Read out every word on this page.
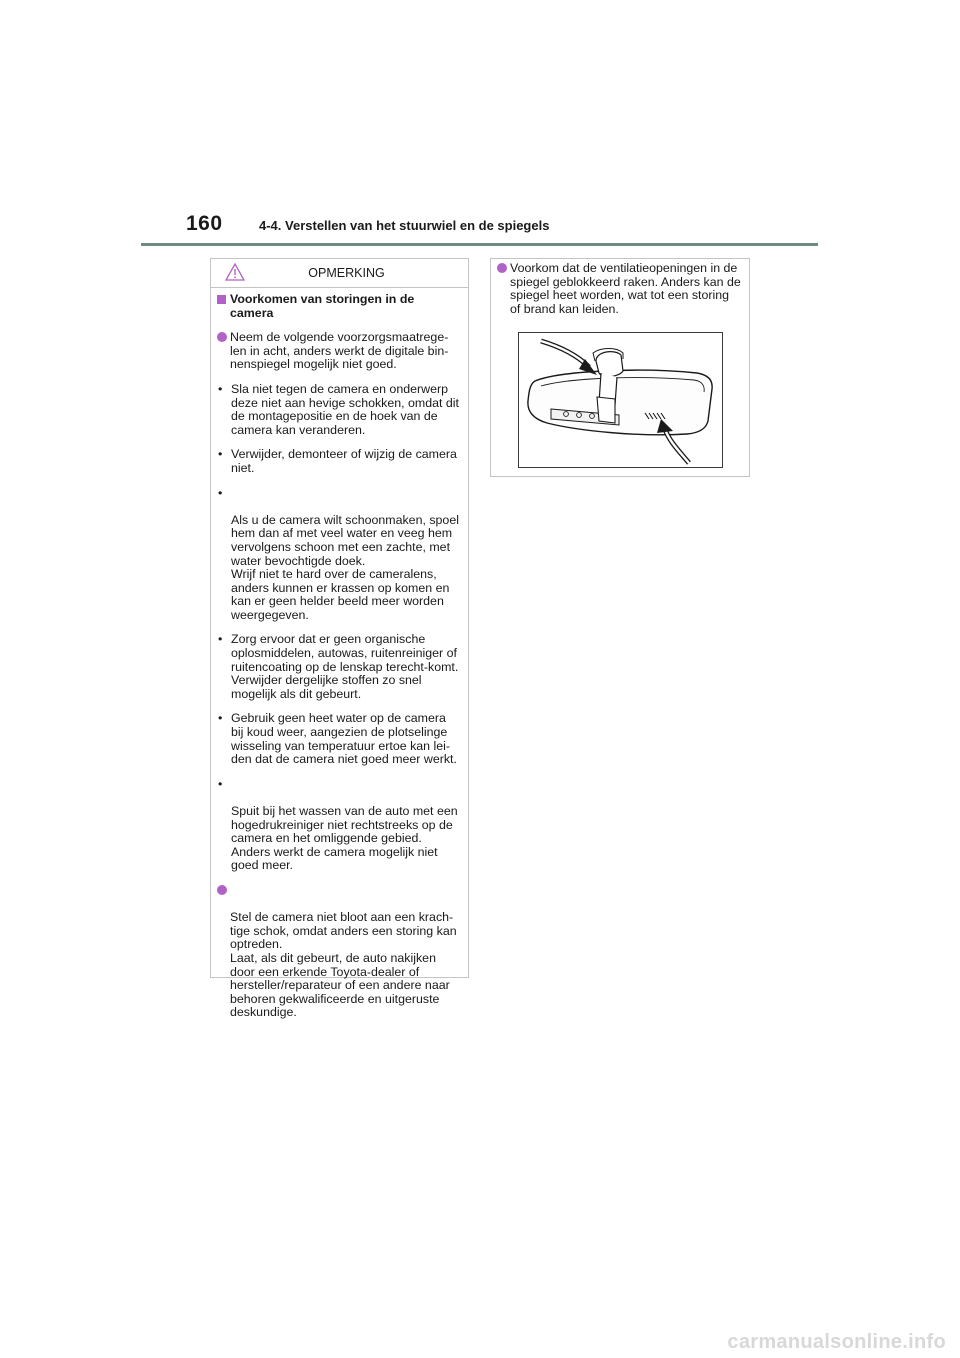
160	4-4. Verstellen van het stuurwiel en de spiegels
OPMERKING
Voorkomen van storingen in de camera
Neem de volgende voorzorgsmaatrege-len in acht, anders werkt de digitale bin-nenspiegel mogelijk niet goed.
• Sla niet tegen de camera en onderwerp deze niet aan hevige schokken, omdat dit de montagepositie en de hoek van de camera kan veranderen.
• Verwijder, demonteer of wijzig de camera niet.

•

Als u de camera wilt schoonmaken, spoel hem dan af met veel water en veeg hem vervolgens schoon met een zachte, met water bevochtigde doek.
Wrijf niet te hard over de cameralens, anders kunnen er krassen op komen en kan er geen helder beeld meer worden weergegeven.

• Zorg ervoor dat er geen organische oplosmiddelen, autowas, ruitenreiniger of ruitencoating op de lenskap terecht-komt. Verwijder dergelijke stoffen zo snel mogelijk als dit gebeurt.
• Gebruik geen heet water op de camera bij koud weer, aangezien de plotselinge wisseling van temperatuur ertoe kan lei-den dat de camera niet goed meer werkt.

•

Spuit bij het wassen van de auto met een hogedrukreiniger niet rechtstreeks op de camera en het omliggende gebied.
Anders werkt de camera mogelijk niet goed meer.

Stel de camera niet bloot aan een krach-tige schok, omdat anders een storing kan optreden.
Laat, als dit gebeurt, de auto nakijken door een erkende Toyota-dealer of hersteller/reparateur of een andere naar behoren gekwalificeerde en uitgeruste deskundige.

Voorkom dat de ventilatieopeningen in de spiegel geblokkeerd raken. Anders kan de spiegel heet worden, wat tot een storing of brand kan leiden.
carmanualsonline.info
